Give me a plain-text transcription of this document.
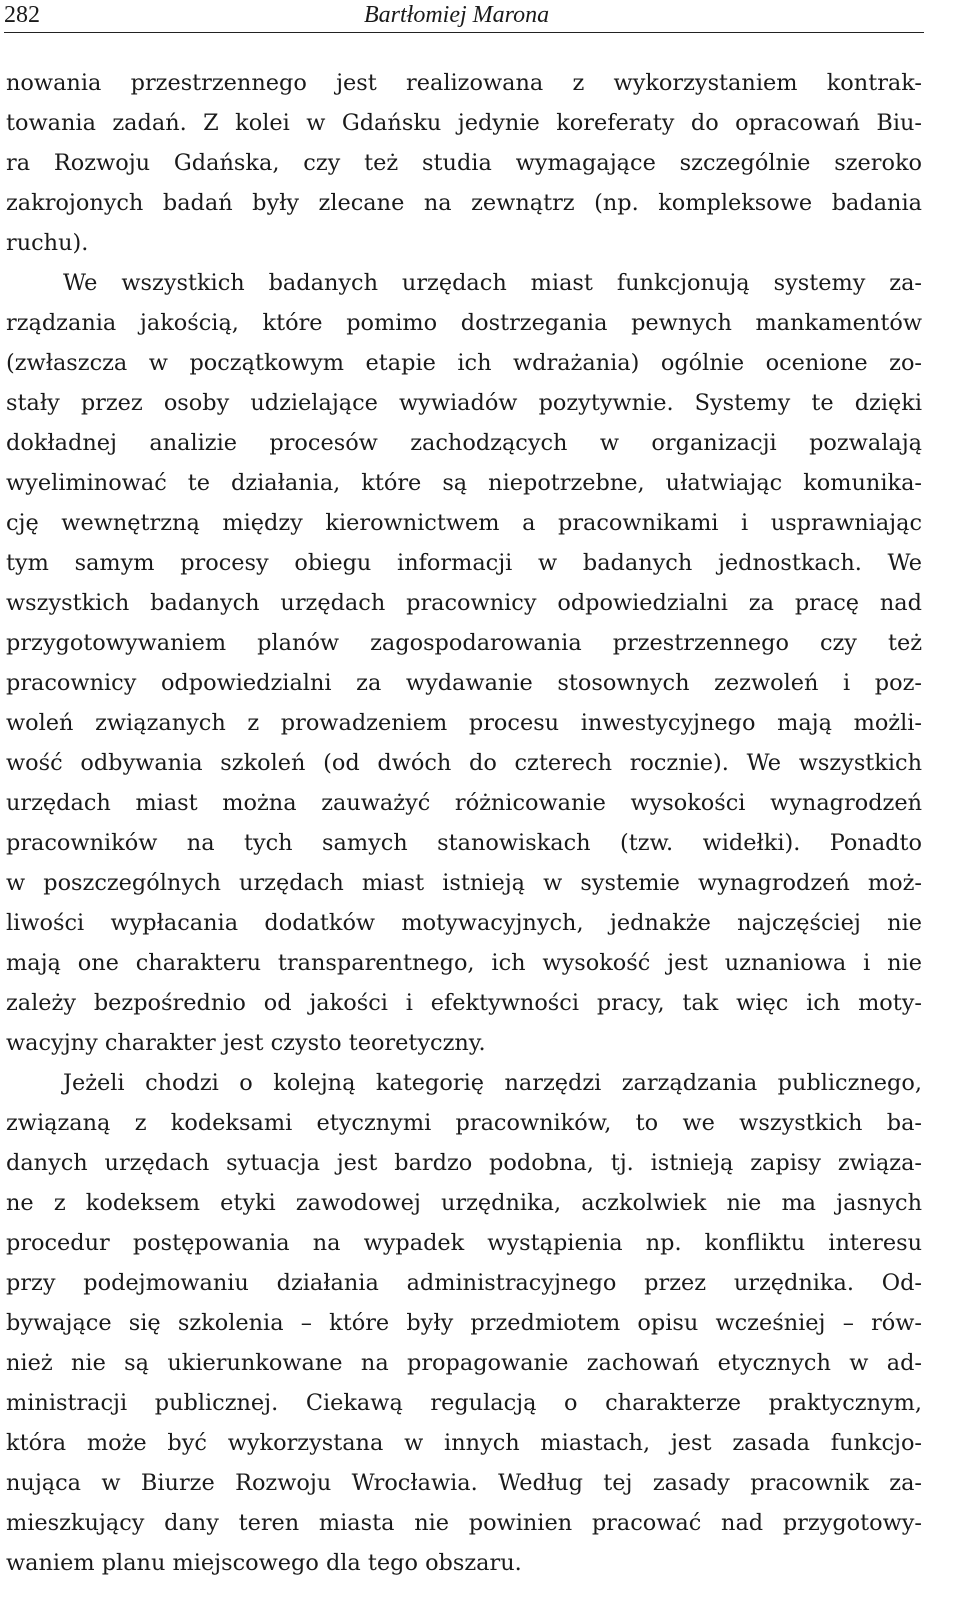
282	Bartłomiej Marona
nowania przestrzennego jest realizowana z wykorzystaniem kontrak-
towania zadań. Z kolei w Gdańsku jedynie koreferaty do opracowań Biu-
ra Rozwoju Gdańska, czy też studia wymagające szczególnie szeroko
zakrojonych badań były zlecane na zewnątrz (np. kompleksowe badania
ruchu).
We wszystkich badanych urzędach miast funkcjonują systemy za-
rządzania jakością, które pomimo dostrzegania pewnych mankamentów
(zwłaszcza w początkowym etapie ich wdrażania) ogólnie ocenione zo-
stały przez osoby udzielające wywiadów pozytywnie. Systemy te dzięki
dokładnej analizie procesów zachodzących w organizacji pozwalają
wyeliminować te działania, które są niepotrzebne, ułatwiając komunika-
cję wewnętrzną między kierownictwem a pracownikami i usprawniając
tym samym procesy obiegu informacji w badanych jednostkach. We
wszystkich badanych urzędach pracownicy odpowiedzialni za pracę nad
przygotowywaniem planów zagospodarowania przestrzennego czy też
pracownicy odpowiedzialni za wydawanie stosownych zezwoleń i poz-
woleń związanych z prowadzeniem procesu inwestycyjnego mają możli-
wość odbywania szkoleń (od dwóch do czterech rocznie). We wszystkich
urzędach miast można zauważyć różnicowanie wysokości wynagrodzeń
pracowników na tych samych stanowiskach (tzw. widełki). Ponadto
w poszczególnych urzędach miast istnieją w systemie wynagrodzeń moż-
liwości wypłacania dodatków motywacyjnych, jednakże najczęściej nie
mają one charakteru transparentnego, ich wysokość jest uznaniowa i nie
zależy bezpośrednio od jakości i efektywności pracy, tak więc ich moty-
wacyjny charakter jest czysto teoretyczny.
Jeżeli chodzi o kolejną kategorię narzędzi zarządzania publicznego,
związaną z kodeksami etycznymi pracowników, to we wszystkich ba-
danych urzędach sytuacja jest bardzo podobna, tj. istnieją zapisy związa-
ne z kodeksem etyki zawodowej urzędnika, aczkolwiek nie ma jasnych
procedur postępowania na wypadek wystąpienia np. konfliktu interesu
przy podejmowaniu działania administracyjnego przez urzędnika. Od-
bywające się szkolenia – które były przedmiotem opisu wcześniej – rów-
nież nie są ukierunkowane na propagowanie zachowań etycznych w ad-
ministracji publicznej. Ciekawą regulacją o charakterze praktycznym,
która może być wykorzystana w innych miastach, jest zasada funkcjo-
nująca w Biurze Rozwoju Wrocławia. Według tej zasady pracownik za-
mieszkujący dany teren miasta nie powinien pracować nad przygotowy-
waniem planu miejscowego dla tego obszaru.
